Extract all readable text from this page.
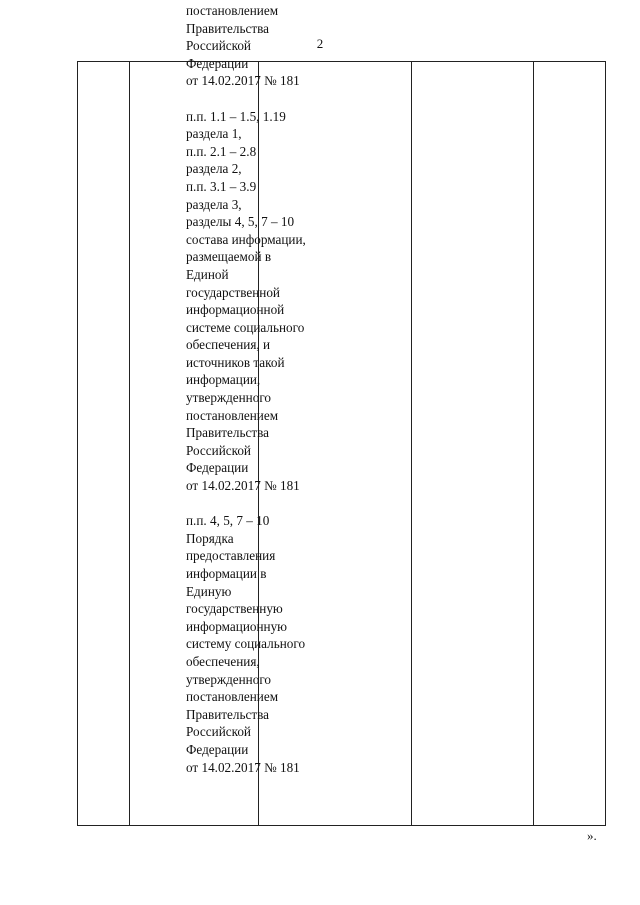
2

постановлением
Правительства
Российской
Федерации
от 14.02.2017 № 181

п.п. 1.1 – 1.5, 1.19
раздела 1,
п.п. 2.1 – 2.8
раздела 2,
п.п. 3.1 – 3.9
раздела 3,
разделы 4, 5, 7 – 10
состава информации,
размещаемой в
Единой
государственной
информационной
системе социального
обеспечения, и
источников такой
информации,
утвержденного
постановлением
Правительства
Российской
Федерации
от 14.02.2017 № 181

п.п. 4, 5, 7 – 10
Порядка
предоставления
информации в
Единую
государственную
информационную
систему социального
обеспечения,
утвержденного
постановлением
Правительства
Российской
Федерации
от 14.02.2017 № 181

».
